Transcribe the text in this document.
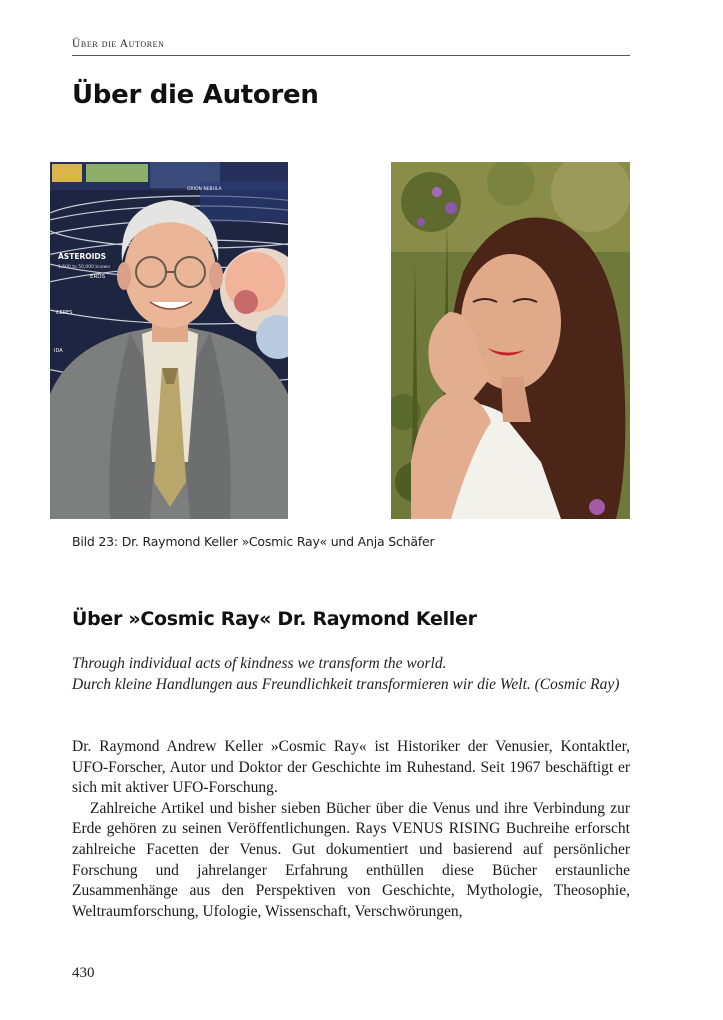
Über die Autoren
Über die Autoren
ASTEROIDS
1,500 to 50,000 known
EROS
ORION NEBULA
CERES
IDA
Bild 23: Dr. Raymond Keller »Cosmic Ray« und Anja Schäfer
Über »Cosmic Ray« Dr. Raymond Keller

Through individual acts of kindness we transform the world.

Durch kleine Handlungen aus Freundlichkeit transformieren wir die Welt. (Cosmic Ray)

Dr. Raymond Andrew Keller »Cosmic Ray« ist Historiker der Venusier, Kontaktler, UFO-Forscher, Autor und Doktor der Geschichte im Ruhestand. Seit 1967 beschäftigt er sich mit aktiver UFO-Forschung.

Zahlreiche Artikel und bisher sieben Bücher über die Venus und ihre Verbindung zur Erde gehören zu seinen Veröffentlichungen. Rays VENUS RISING Buchreihe erforscht zahlreiche Facetten der Venus. Gut dokumentiert und basierend auf persönlicher Forschung und jahrelanger Erfahrung enthüllen diese Bücher erstaunliche Zusammenhänge aus den Perspektiven von Geschichte, Mythologie, Theosophie, Weltraumforschung, Ufologie, Wissenschaft, Verschwörungen,

430
